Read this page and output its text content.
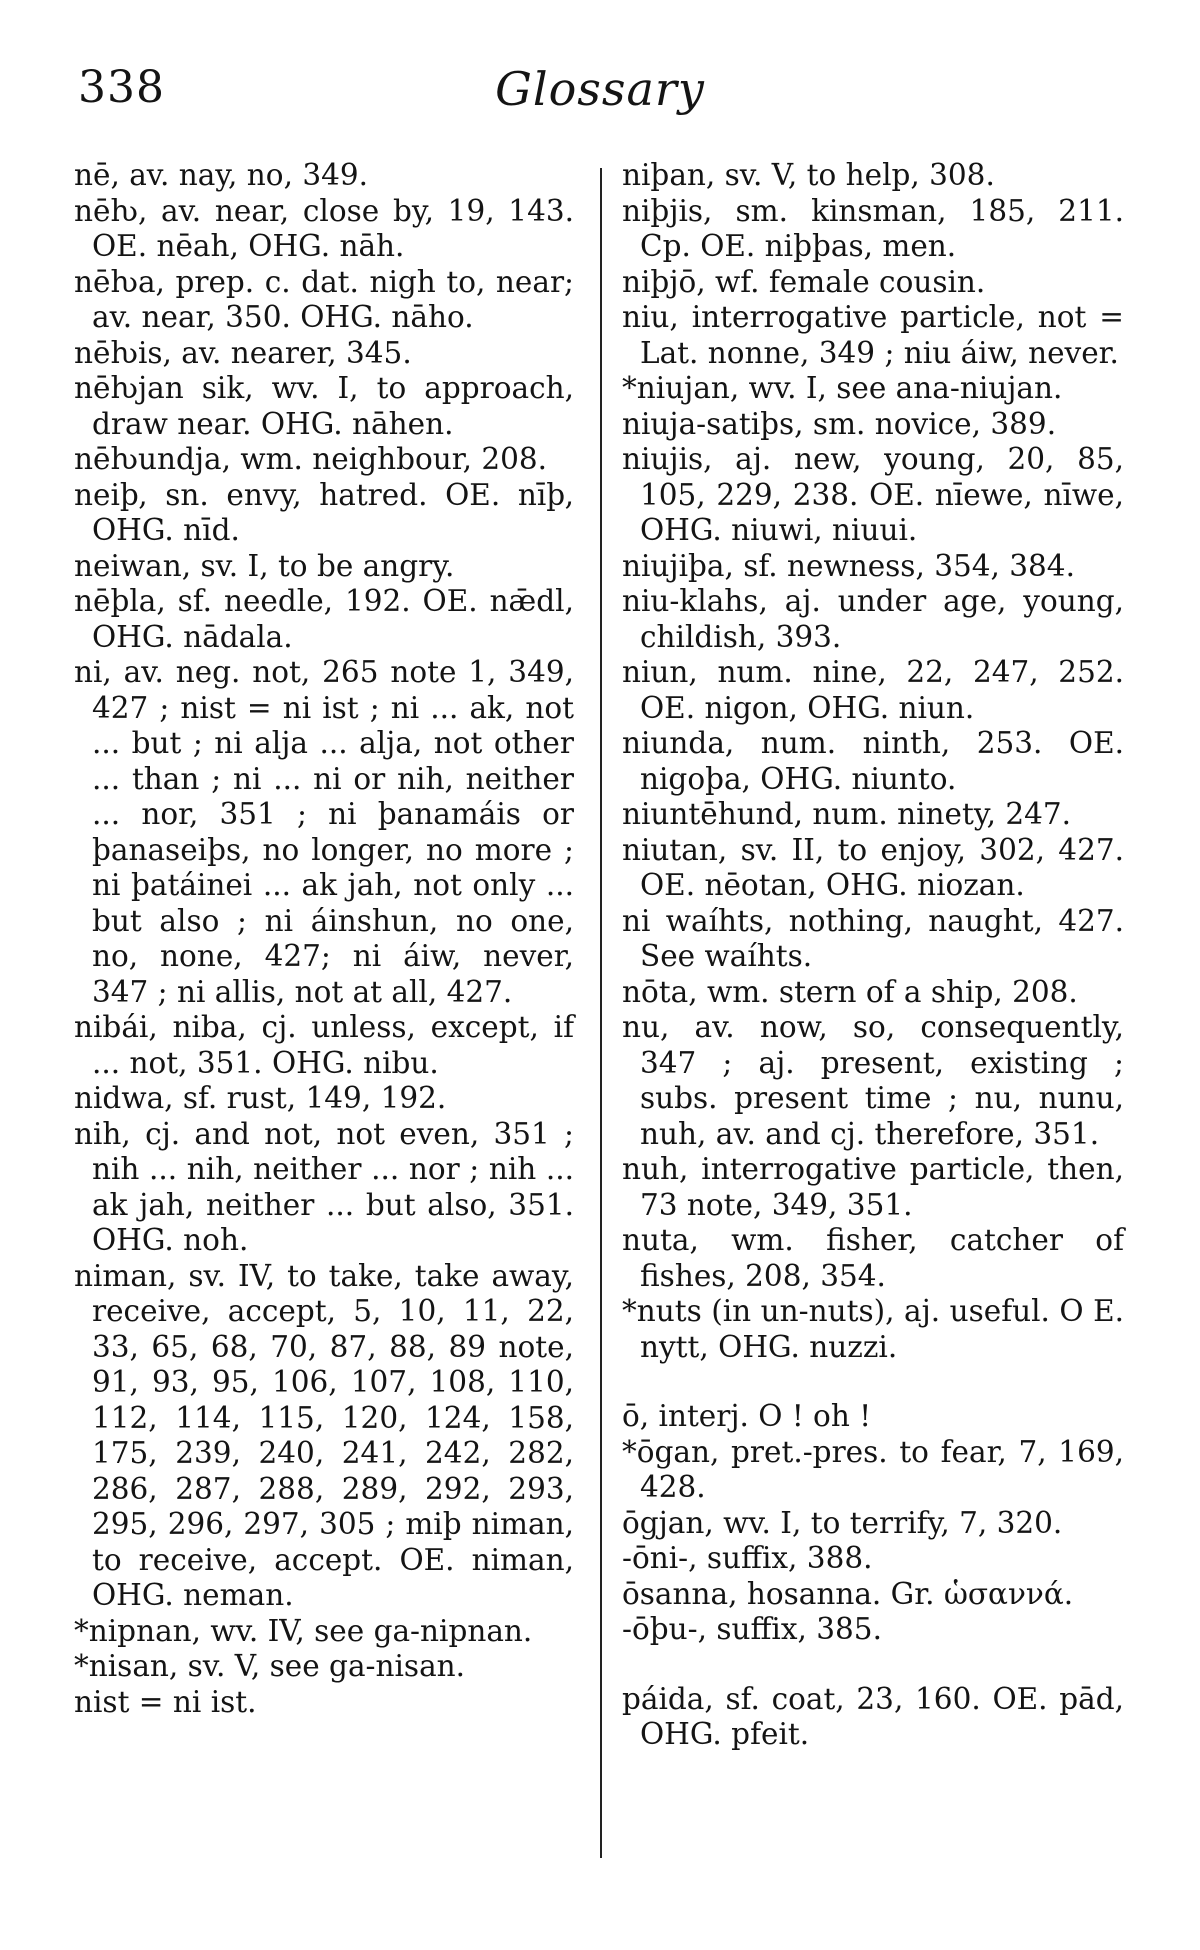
338	Glossary

nē, av. nay, no, 349.

nēƕ, av. near, close by, 19, 143. OE. nēah, OHG. nāh.

nēƕa, prep. c. dat. nigh to, near; av. near, 350. OHG. nāho.

nēƕis, av. nearer, 345.

nēƕjan sik, wv. I, to approach, draw near. OHG. nāhen.

nēƕundja, wm. neighbour, 208.

neiþ, sn. envy, hatred. OE. nīþ, OHG. nīd.

neiwan, sv. I, to be angry.

nēþla, sf. needle, 192. OE. nǣdl, OHG. nādala.

ni, av. neg. not, 265 note 1, 349, 427 ; nist = ni ist ; ni ... ak, not ... but ; ni alja ... alja, not other ... than ; ni ... ni or nih, neither ... nor, 351 ; ni þanamáis or þanaseiþs, no longer, no more ; ni þatáinei ... ak jah, not only ... but also ; ni áinshun, no one, no, none, 427; ni áiw, never, 347 ; ni allis, not at all, 427.

nibái, niba, cj. unless, except, if ... not, 351. OHG. nibu.

nidwa, sf. rust, 149, 192.

nih, cj. and not, not even, 351 ; nih ... nih, neither ... nor ; nih ... ak jah, neither ... but also, 351. OHG. noh.

niman, sv. IV, to take, take away, receive, accept, 5, 10, 11, 22, 33, 65, 68, 70, 87, 88, 89 note, 91, 93, 95, 106, 107, 108, 110, 112, 114, 115, 120, 124, 158, 175, 239, 240, 241, 242, 282, 286, 287, 288, 289, 292, 293, 295, 296, 297, 305 ; miþ niman, to receive, accept. OE. niman, OHG. neman.

*nipnan, wv. IV, see ga-nipnan.

*nisan, sv. V, see ga-nisan.

nist = ni ist.

niþan, sv. V, to help, 308.

niþjis, sm. kinsman, 185, 211. Cp. OE. niþþas, men.

niþjō, wf. female cousin.

niu, interrogative particle, not = Lat. nonne, 349 ; niu áiw, never.

*niujan, wv. I, see ana-niujan.

niuja-satiþs, sm. novice, 389.

niujis, aj. new, young, 20, 85, 105, 229, 238. OE. nīewe, nīwe, OHG. niuwi, niuui.

niujiþa, sf. newness, 354, 384.

niu-klahs, aj. under age, young, childish, 393.

niun, num. nine, 22, 247, 252. OE. nigon, OHG. niun.

niunda, num. ninth, 253. OE. nigoþa, OHG. niunto.

niuntēhund, num. ninety, 247.

niutan, sv. II, to enjoy, 302, 427. OE. nēotan, OHG. niozan.

ni waíhts, nothing, naught, 427. See waíhts.

nōta, wm. stern of a ship, 208.

nu, av. now, so, consequently, 347 ; aj. present, existing ; subs. present time ; nu, nunu, nuh, av. and cj. therefore, 351.

nuh, interrogative particle, then, 73 note, 349, 351.

nuta, wm. fisher, catcher of fishes, 208, 354.

*nuts (in un-nuts), aj. useful. O E. nytt, OHG. nuzzi.

ō, interj. O ! oh !

*ōgan, pret.-pres. to fear, 7, 169, 428.

ōgjan, wv. I, to terrify, 7, 320.

-ōni-, suffix, 388.

ōsanna, hosanna. Gr. ὡσαννά.

-ōþu-, suffix, 385.

páida, sf. coat, 23, 160. OE. pād, OHG. pfeit.
